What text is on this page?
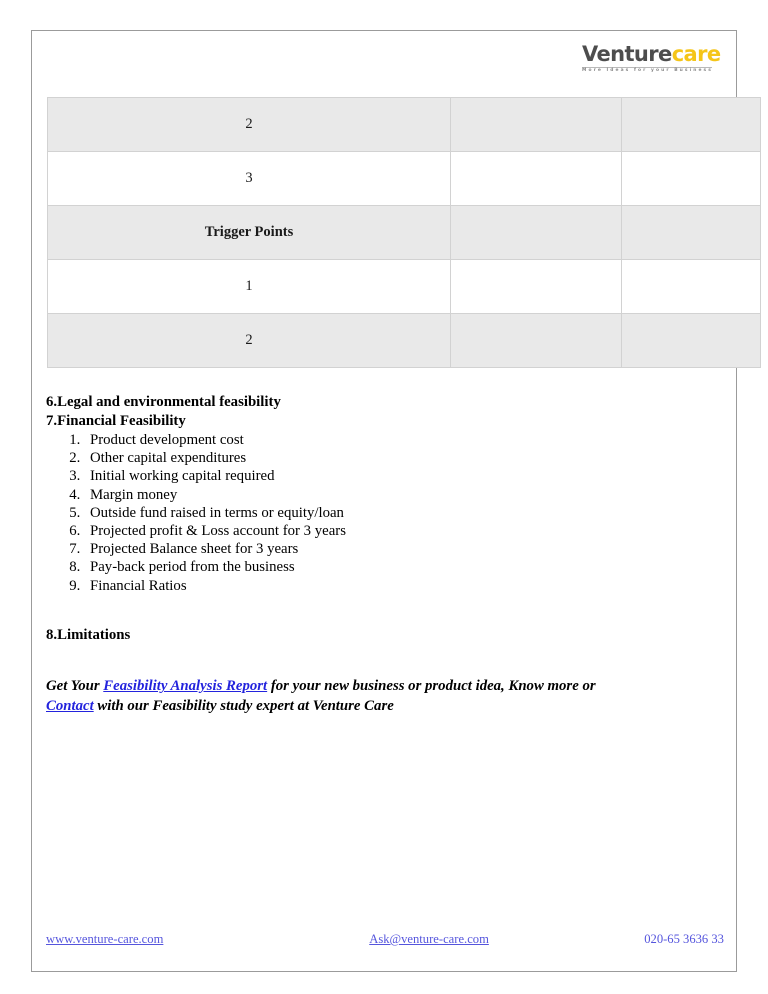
Venturecare
More Ideas for your Business
2		
3		
Trigger Points		
1		
2		
6.Legal and environmental feasibility
7.Financial Feasibility
1. Product development cost
2. Other capital expenditures
3. Initial working capital required
4. Margin money
5. Outside fund raised in terms or equity/loan
6. Projected profit & Loss account for 3 years
7. Projected Balance sheet for 3 years
8. Pay-back period from the business
9. Financial Ratios
8.Limitations
Get Your Feasibility Analysis Report for your new business or product idea, Know more or Contact with our Feasibility study expert at Venture Care
www.venture-care.com	Ask@venture-care.com	020-65 3636 33
